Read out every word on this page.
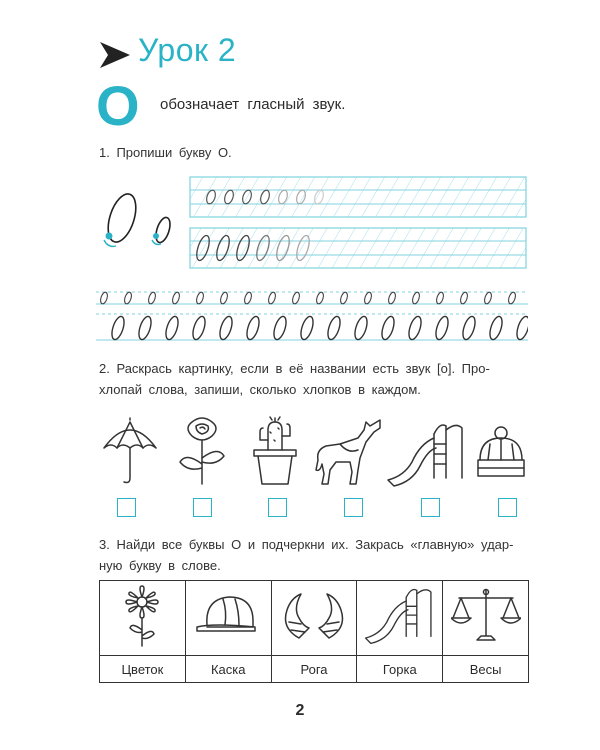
Урок 2
О обозначает гласный звук.
1. Пропиши букву О.
2. Раскрась картинку, если в её названии есть звук [о]. Про-
хлопай слова, запиши, сколько хлопков в каждом.
3. Найди все буквы О и подчеркни их. Закрась «главную» удар-
ную букву в слове.

Цветок	Каска	Рога	Горка	Весы
2
